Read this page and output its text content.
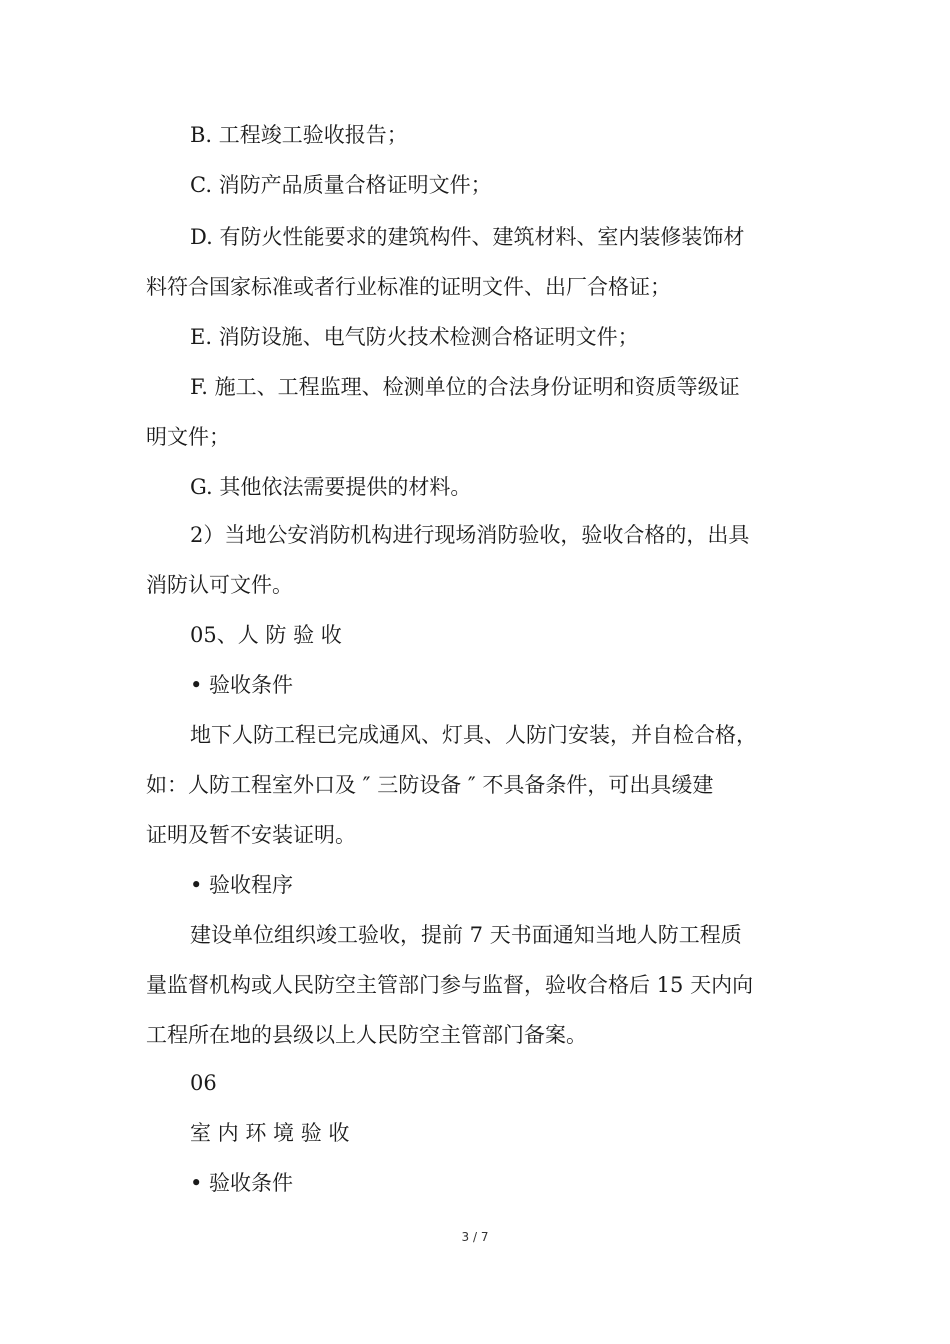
B. 工程竣工验收报告；

C. 消防产品质量合格证明文件；

D. 有防火性能要求的建筑构件、建筑材料、室内装修装饰材

料符合国家标准或者行业标准的证明文件、出厂合格证；

E. 消防设施、电气防火技术检测合格证明文件；

F. 施工、工程监理、检测单位的合法身份证明和资质等级证

明文件；

G. 其他依法需要提供的材料。

2）当地公安消防机构进行现场消防验收，验收合格的，出具

消防认可文件。

05、人 防 验 收

• 验收条件

地下人防工程已完成通风、灯具、人防门安装，并自检合格，

如：人防工程室外口及 ″ 三防设备 ″ 不具备条件，可出具缓建

证明及暂不安装证明。

• 验收程序

建设单位组织竣工验收，提前 7 天书面通知当地人防工程质

量监督机构或人民防空主管部门参与监督，验收合格后 15 天内向

工程所在地的县级以上人民防空主管部门备案。

06

室 内 环 境 验 收

• 验收条件

3 / 7
